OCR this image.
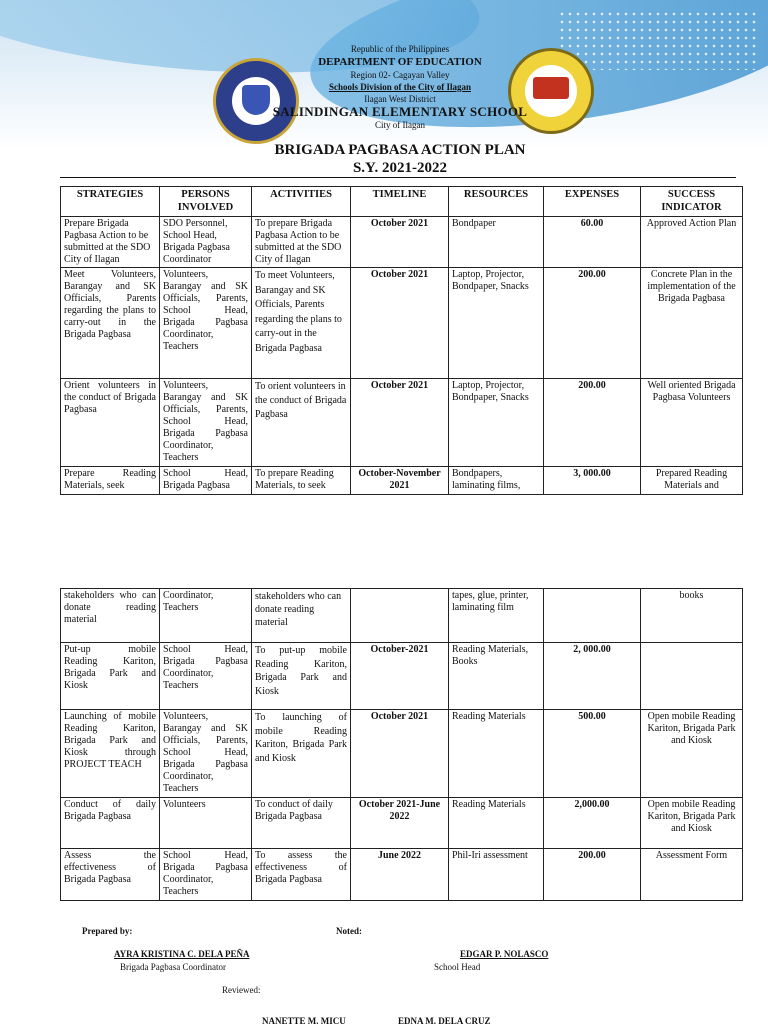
Republic of the Philippines
DEPARTMENT OF EDUCATION
Region 02- Cagayan Valley
Schools Division of the City of Ilagan
Ilagan West District
SALINDINGAN ELEMENTARY SCHOOL
City of Ilagan
BRIGADA PAGBASA ACTION PLAN
S.Y. 2021-2022
STRATEGIES	PERSONS INVOLVED	ACTIVITIES	TIMELINE	RESOURCES	EXPENSES	SUCCESS INDICATOR
Prepare Brigada Pagbasa Action to be submitted at the SDO City of Ilagan	SDO Personnel, School Head, Brigada Pagbasa Coordinator	To prepare Brigada Pagbasa Action to be submitted at the SDO City of Ilagan	October 2021	Bondpaper	60.00	Approved Action Plan
Meet Volunteers, Barangay and SK Officials, Parents regarding the plans to carry-out in the Brigada Pagbasa	Volunteers, Barangay and SK Officials, Parents, School Head, Brigada Pagbasa Coordinator, Teachers	To meet Volunteers, Barangay and SK Officials, Parents regarding the plans to carry-out in the Brigada Pagbasa	October 2021	Laptop, Projector, Bondpaper, Snacks	200.00	Concrete Plan in the implementation of the Brigada Pagbasa
Orient volunteers in the conduct of Brigada Pagbasa	Volunteers, Barangay and SK Officials, Parents, School Head, Brigada Pagbasa Coordinator, Teachers	To orient volunteers in the conduct of Brigada Pagbasa	October 2021	Laptop, Projector, Bondpaper, Snacks	200.00	Well oriented Brigada Pagbasa Volunteers
Prepare Reading Materials, seek	School Head, Brigada Pagbasa	To prepare Reading Materials, to seek	October-November 2021	Bondpapers, laminating films,	3, 000.00	Prepared Reading Materials and
stakeholders who can donate reading material	Coordinator, Teachers	stakeholders who can donate reading material		tapes, glue, printer, laminating film		books
Put-up mobile Reading Kariton, Brigada Park and Kiosk	School Head, Brigada Pagbasa Coordinator, Teachers	To put-up mobile Reading Kariton, Brigada Park and Kiosk	October-2021	Reading Materials, Books	2, 000.00	
Launching of mobile Reading Kariton, Brigada Park and Kiosk through PROJECT TEACH	Volunteers, Barangay and SK Officials, Parents, School Head, Brigada Pagbasa Coordinator, Teachers	To launching of mobile Reading Kariton, Brigada Park and Kiosk	October 2021	Reading Materials	500.00	Open mobile Reading Kariton, Brigada Park and Kiosk
Conduct of daily Brigada Pagbasa	Volunteers	To conduct of daily Brigada Pagbasa	October 2021-June 2022	Reading Materials	2,000.00	Open mobile Reading Kariton, Brigada Park and Kiosk
Assess the effectiveness of Brigada Pagbasa	School Head, Brigada Pagbasa Coordinator, Teachers	To assess the effectiveness of Brigada Pagbasa	June 2022	Phil-Iri assessment	200.00	Assessment Form
Prepared by:	Noted:
AYRA KRISTINA C. DELA PEÑA
Brigada Pagbasa Coordinator
EDGAR P. NOLASCO
School Head
Reviewed:
NANETTE M. MICU	EDNA M. DELA CRUZ
